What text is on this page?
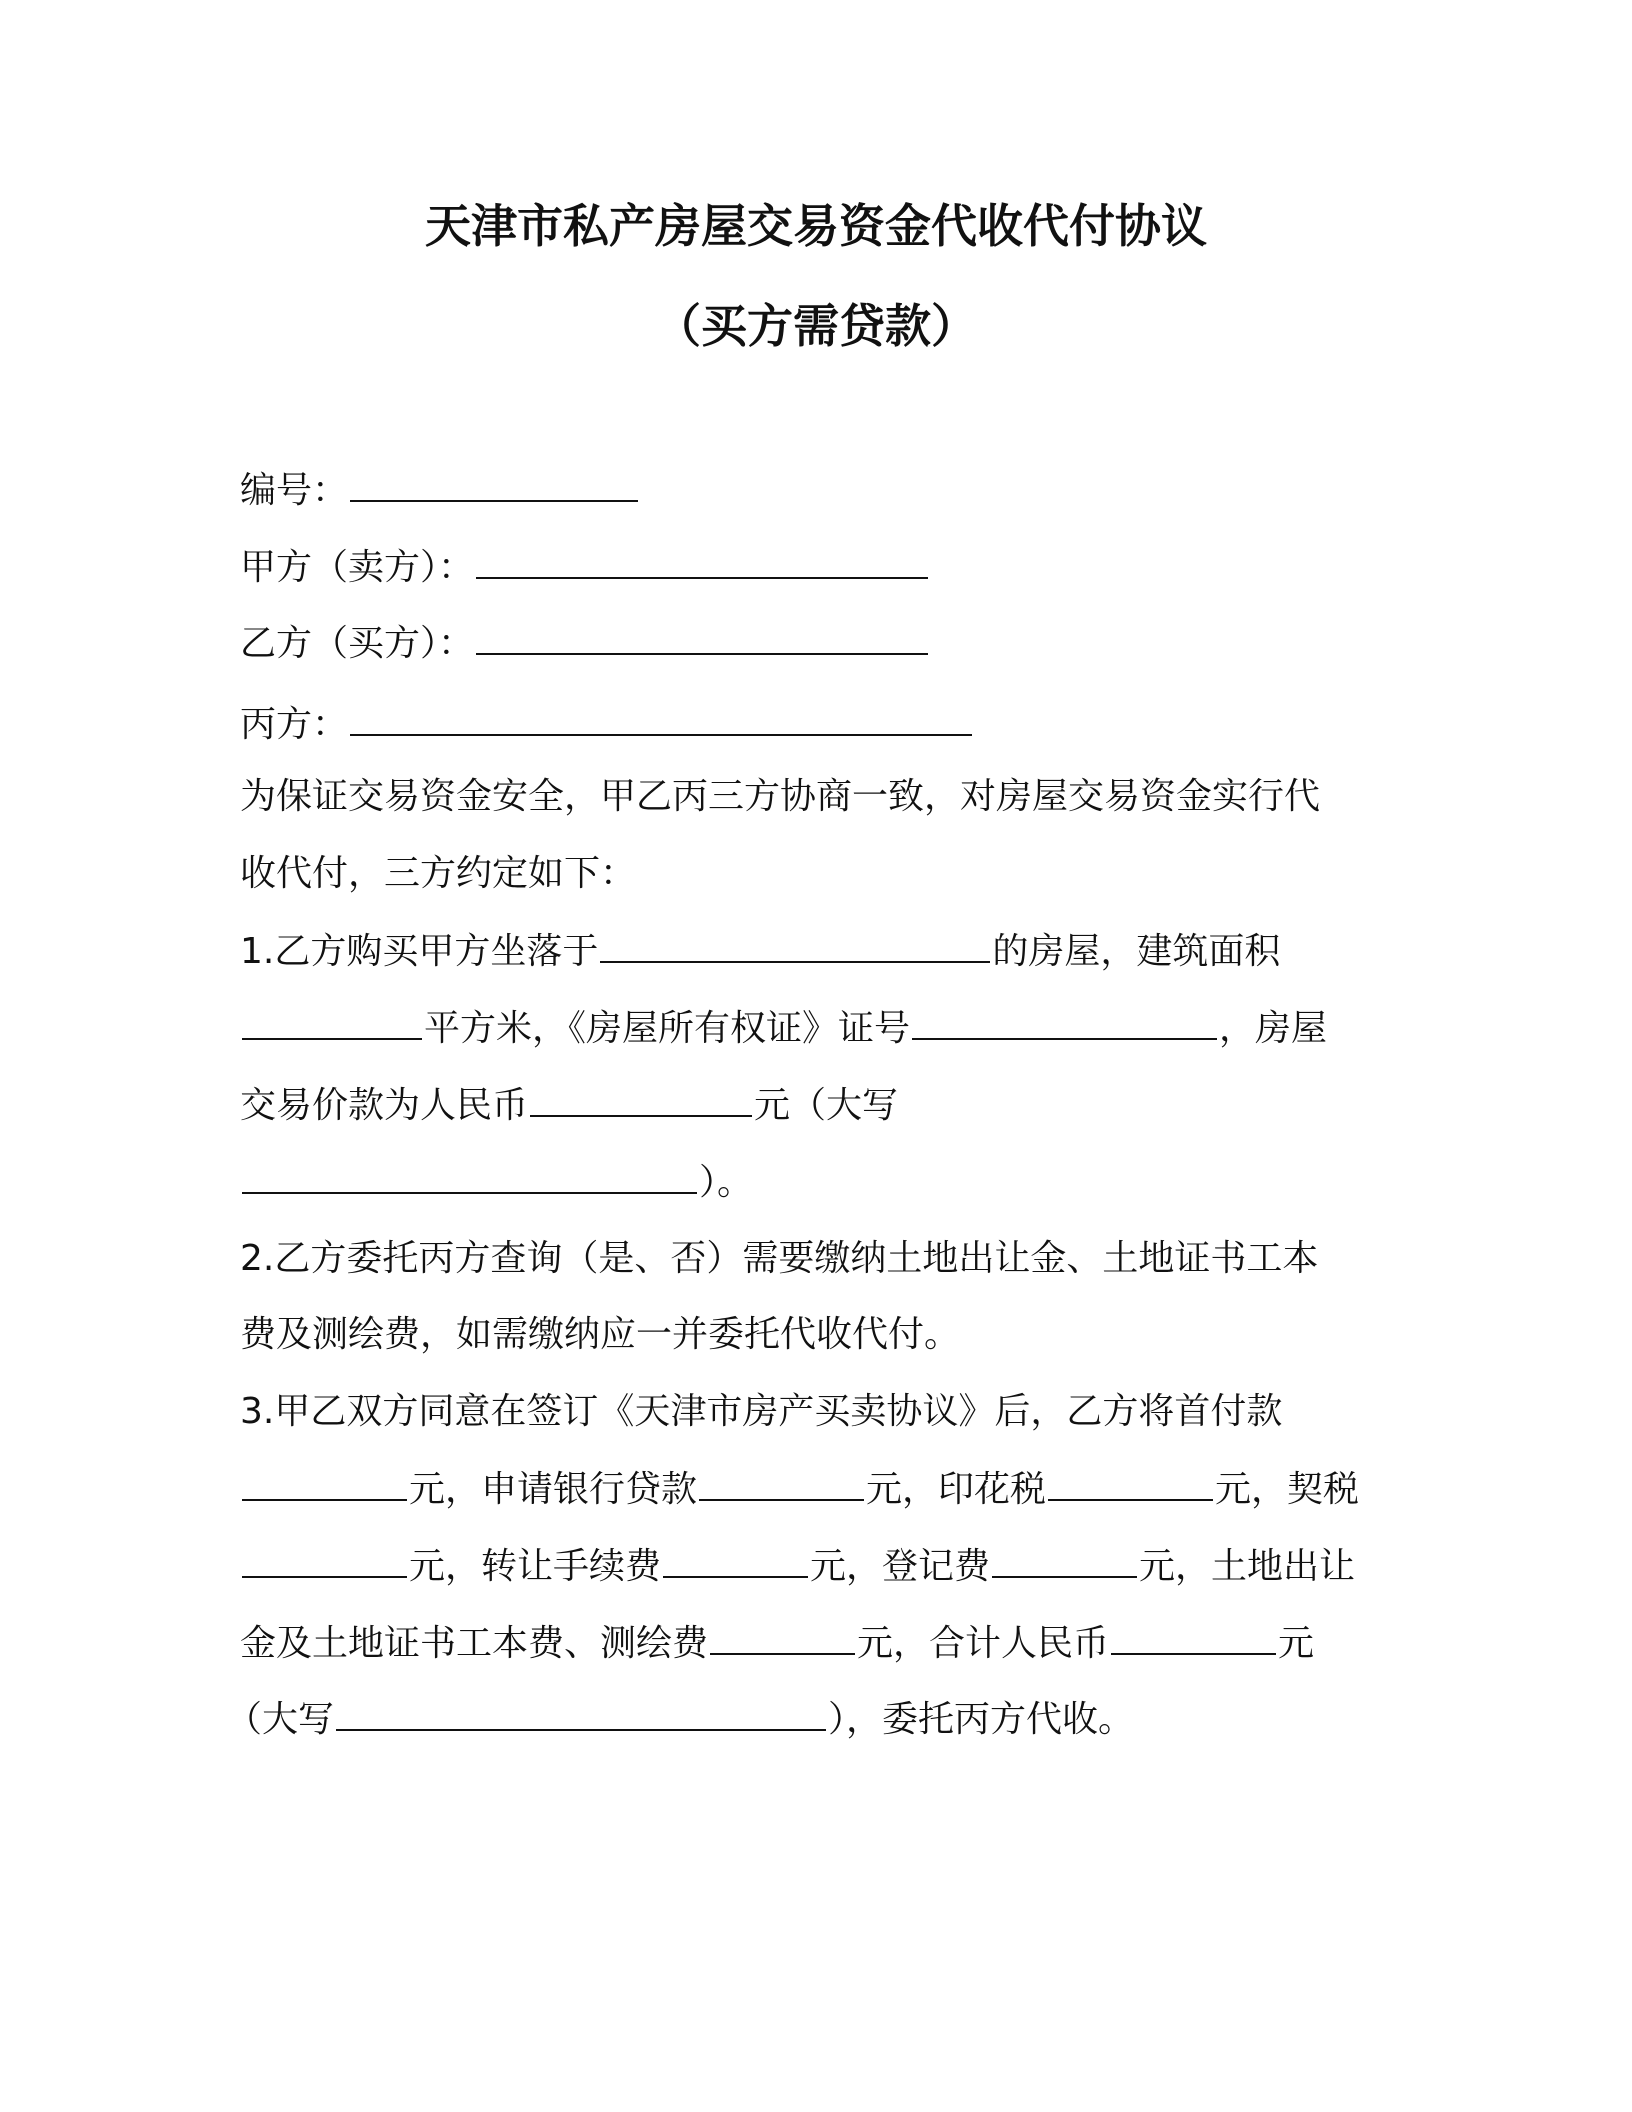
天津市私产房屋交易资金代收代付协议
（买方需贷款）
编号：
甲方（卖方）：
乙方（买方）：
丙方：
为保证交易资金安全，甲乙丙三方协商一致，对房屋交易资金实行代
收代付，三方约定如下：
1.乙方购买甲方坐落于	的房屋，建筑面积
平方米，《房屋所有权证》证号	，房屋
交易价款为人民币	元（大写
）。
2.乙方委托丙方查询（是、否）需要缴纳土地出让金、土地证书工本
费及测绘费，如需缴纳应一并委托代收代付。
3.甲乙双方同意在签订《天津市房产买卖协议》后，乙方将首付款
元，申请银行贷款	元，印花税	元，契税
元，转让手续费	元，登记费	元，土地出让
金及土地证书工本费、测绘费	元，合计人民币	元
（大写	），委托丙方代收。
